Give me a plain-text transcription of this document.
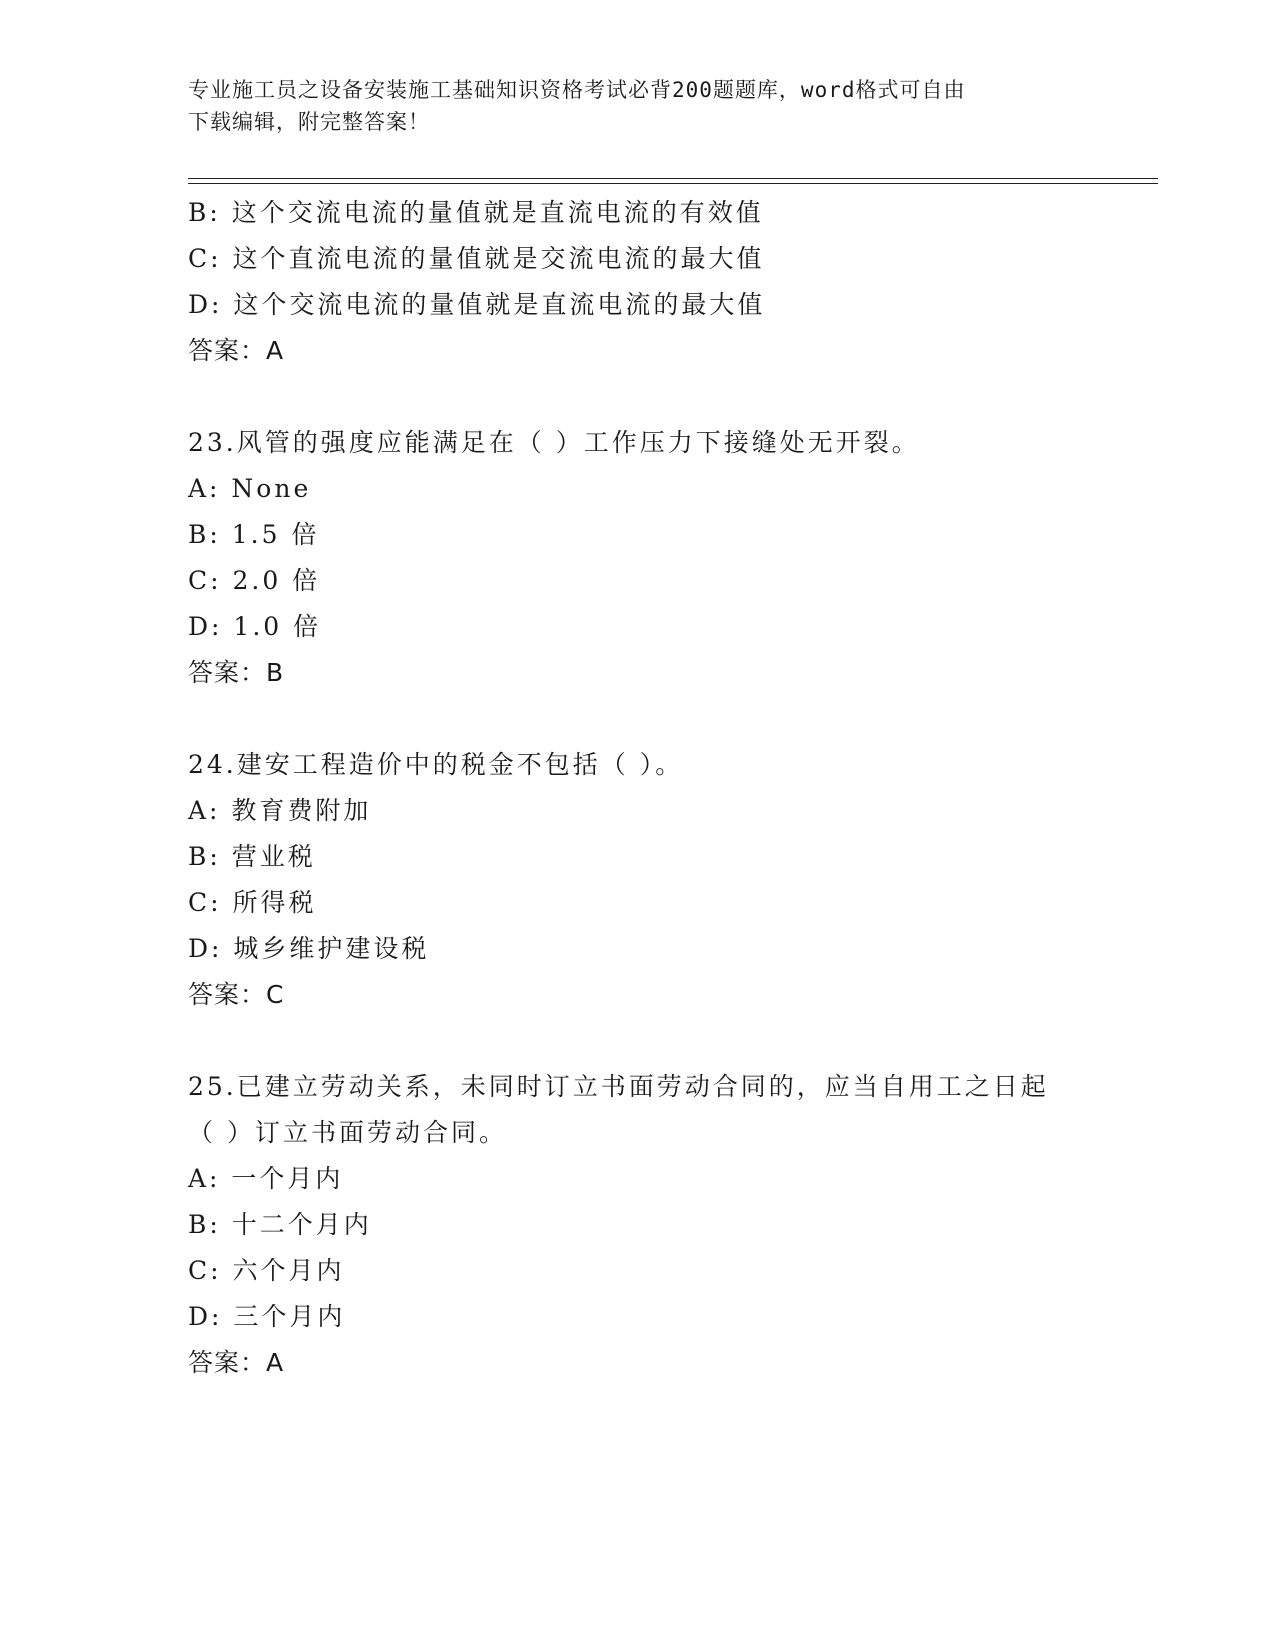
专业施工员之设备安装施工基础知识资格考试必背200题题库，word格式可自由
下载编辑，附完整答案！
B: 这个交流电流的量值就是直流电流的有效值
C: 这个直流电流的量值就是交流电流的最大值
D: 这个交流电流的量值就是直流电流的最大值
答案：A
23.风管的强度应能满足在（ ）工作压力下接缝处无开裂。
A: None
B: 1.5 倍
C: 2.0 倍
D: 1.0 倍
答案：B
24.建安工程造价中的税金不包括（ ）。
A: 教育费附加
B: 营业税
C: 所得税
D: 城乡维护建设税
答案：C
25.已建立劳动关系，未同时订立书面劳动合同的，应当自用工之日起
（ ）订立书面劳动合同。
A: 一个月内
B: 十二个月内
C: 六个月内
D: 三个月内
答案：A
